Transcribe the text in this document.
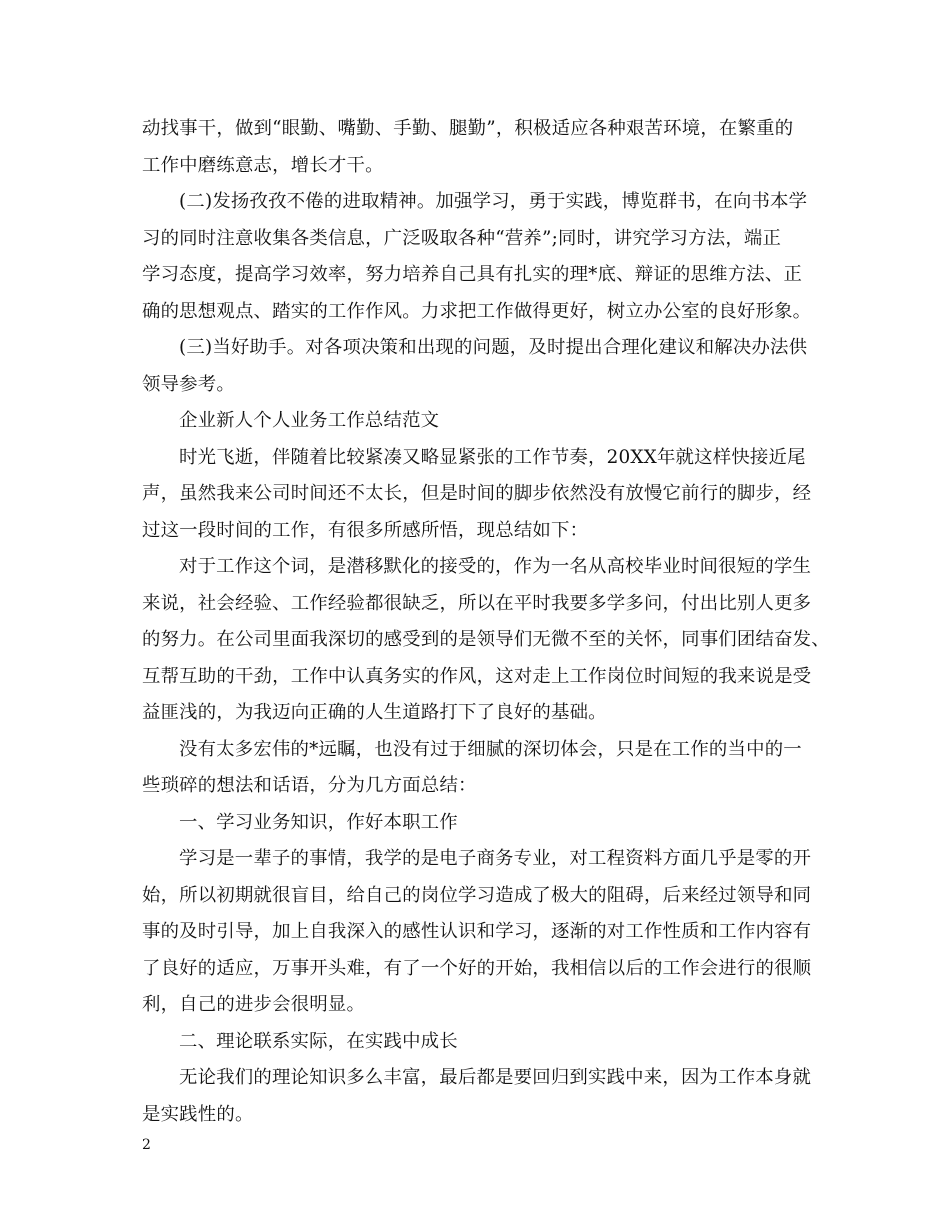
动找事干，做到“眼勤、嘴勤、手勤、腿勤”，积极适应各种艰苦环境，在繁重的
工作中磨练意志，增长才干。
(二)发扬孜孜不倦的进取精神。加强学习，勇于实践，博览群书，在向书本学
习的同时注意收集各类信息，广泛吸取各种“营养”;同时，讲究学习方法，端正
学习态度，提高学习效率，努力培养自己具有扎实的理*底、辩证的思维方法、正
确的思想观点、踏实的工作作风。力求把工作做得更好，树立办公室的良好形象。
(三)当好助手。对各项决策和出现的问题，及时提出合理化建议和解决办法供
领导参考。
企业新人个人业务工作总结范文
时光飞逝，伴随着比较紧凑又略显紧张的工作节奏，20XX年就这样快接近尾
声，虽然我来公司时间还不太长，但是时间的脚步依然没有放慢它前行的脚步，经
过这一段时间的工作，有很多所感所悟，现总结如下：
对于工作这个词，是潜移默化的接受的，作为一名从高校毕业时间很短的学生
来说，社会经验、工作经验都很缺乏，所以在平时我要多学多问，付出比别人更多
的努力。在公司里面我深切的感受到的是领导们无微不至的关怀，同事们团结奋发、
互帮互助的干劲，工作中认真务实的作风，这对走上工作岗位时间短的我来说是受
益匪浅的，为我迈向正确的人生道路打下了良好的基础。
没有太多宏伟的*远瞩，也没有过于细腻的深切体会，只是在工作的当中的一
些琐碎的想法和话语，分为几方面总结：
一、学习业务知识，作好本职工作
学习是一辈子的事情，我学的是电子商务专业，对工程资料方面几乎是零的开
始，所以初期就很盲目，给自己的岗位学习造成了极大的阻碍，后来经过领导和同
事的及时引导，加上自我深入的感性认识和学习，逐渐的对工作性质和工作内容有
了良好的适应，万事开头难，有了一个好的开始，我相信以后的工作会进行的很顺
利，自己的进步会很明显。
二、理论联系实际，在实践中成长
无论我们的理论知识多么丰富，最后都是要回归到实践中来，因为工作本身就
是实践性的。
2
